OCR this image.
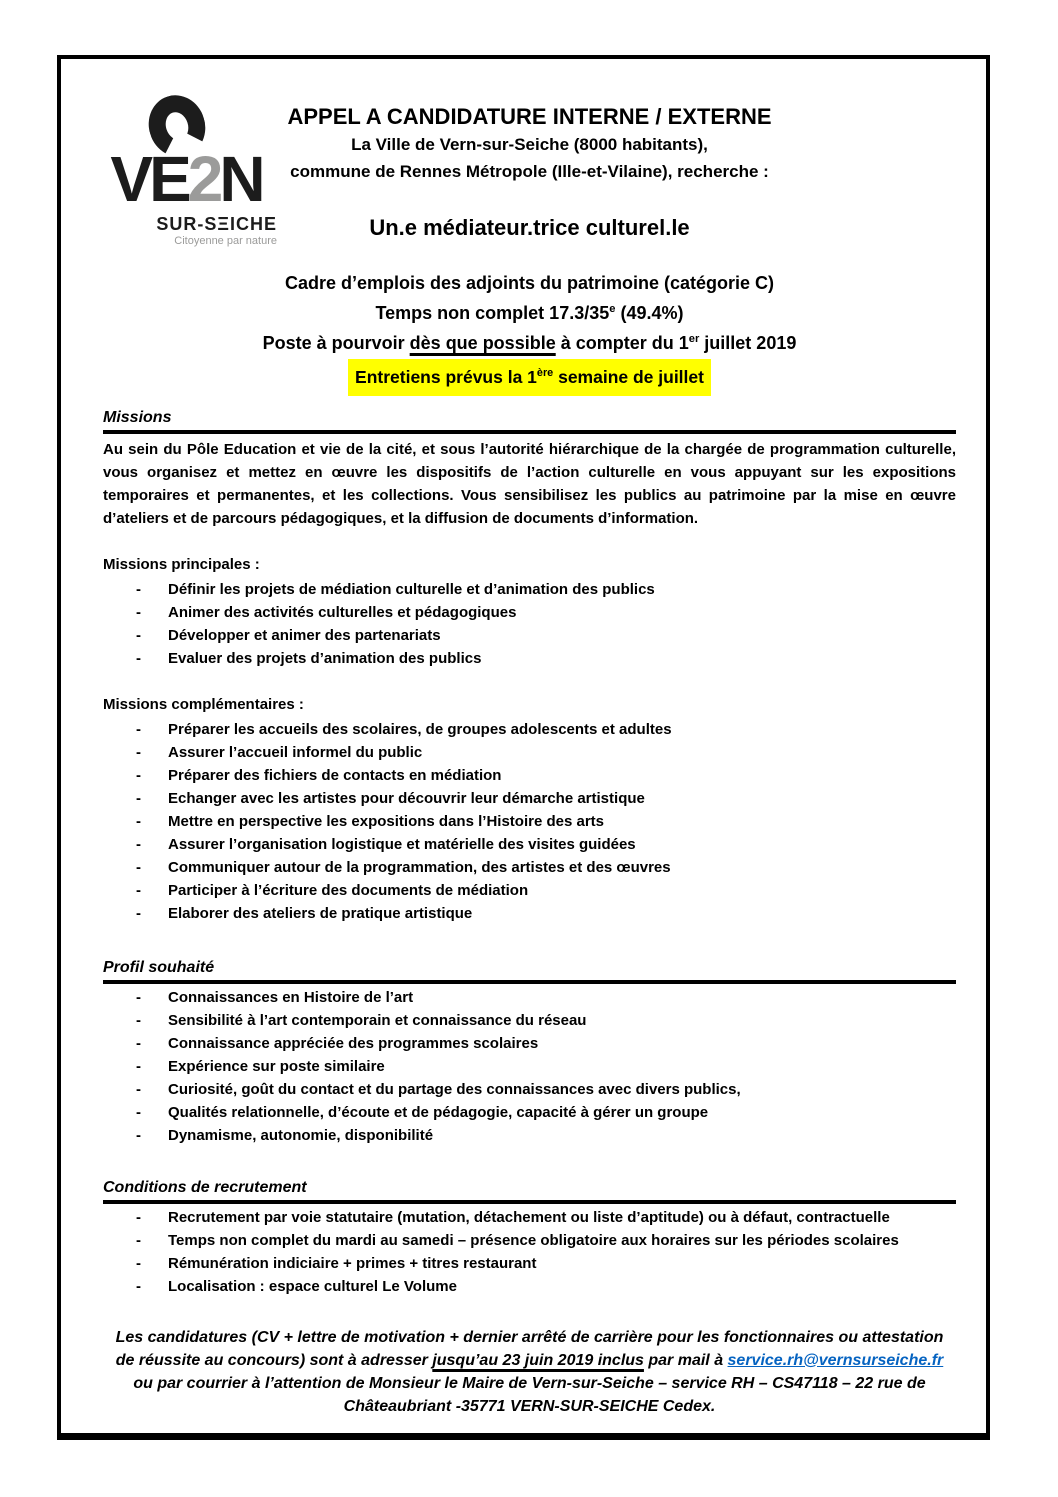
VE2N
SUR-SΞICHE
Citoyenne par nature
APPEL A CANDIDATURE INTERNE / EXTERNE
La Ville de Vern-sur-Seiche (8000 habitants),
commune de Rennes Métropole (Ille-et-Vilaine), recherche :
Un.e médiateur.trice culturel.le
Cadre d’emplois des adjoints du patrimoine (catégorie C)
Temps non complet 17.3/35e (49.4%)
Poste à pourvoir dès que possible à compter du 1er juillet 2019
Entretiens prévus la 1ère semaine de juillet
Missions

Au sein du Pôle Education et vie de la cité, et sous l’autorité hiérarchique de la chargée de programmation culturelle, vous organisez et mettez en œuvre les dispositifs de l’action culturelle en vous appuyant sur les expositions temporaires et permanentes, et les collections. Vous sensibilisez les publics au patrimoine par la mise en œuvre d’ateliers et de parcours pédagogiques, et la diffusion de documents d’information.

Missions principales :
- Définir les projets de médiation culturelle et d’animation des publics
- Animer des activités culturelles et pédagogiques
- Développer et animer des partenariats
- Evaluer des projets d’animation des publics
Missions complémentaires :
- Préparer les accueils des scolaires, de groupes adolescents et adultes
- Assurer l’accueil informel du public
- Préparer des fichiers de contacts en médiation
- Echanger avec les artistes pour découvrir leur démarche artistique
- Mettre en perspective les expositions dans l’Histoire des arts
- Assurer l’organisation logistique et matérielle des visites guidées
- Communiquer autour de la programmation, des artistes et des œuvres
- Participer à l’écriture des documents de médiation
- Elaborer des ateliers de pratique artistique
Profil souhaité
- Connaissances en Histoire de l’art
- Sensibilité à l’art contemporain et connaissance du réseau
- Connaissance appréciée des programmes scolaires
- Expérience sur poste similaire
- Curiosité, goût du contact et du partage des connaissances avec divers publics,
- Qualités relationnelle, d’écoute et de pédagogie, capacité à gérer un groupe
- Dynamisme, autonomie, disponibilité
Conditions de recrutement
- Recrutement par voie statutaire (mutation, détachement ou liste d’aptitude) ou à défaut, contractuelle
- Temps non complet du mardi au samedi – présence obligatoire aux horaires sur les périodes scolaires
- Rémunération indiciaire + primes + titres restaurant
- Localisation : espace culturel Le Volume
Les candidatures (CV + lettre de motivation + dernier arrêté de carrière pour les fonctionnaires ou attestation de réussite au concours) sont à adresser jusqu’au 23 juin 2019 inclus par mail à service.rh@vernsurseiche.fr ou par courrier à l’attention de Monsieur le Maire de Vern-sur-Seiche – service RH – CS47118 – 22 rue de Châteaubriant -35771 VERN-SUR-SEICHE Cedex.
